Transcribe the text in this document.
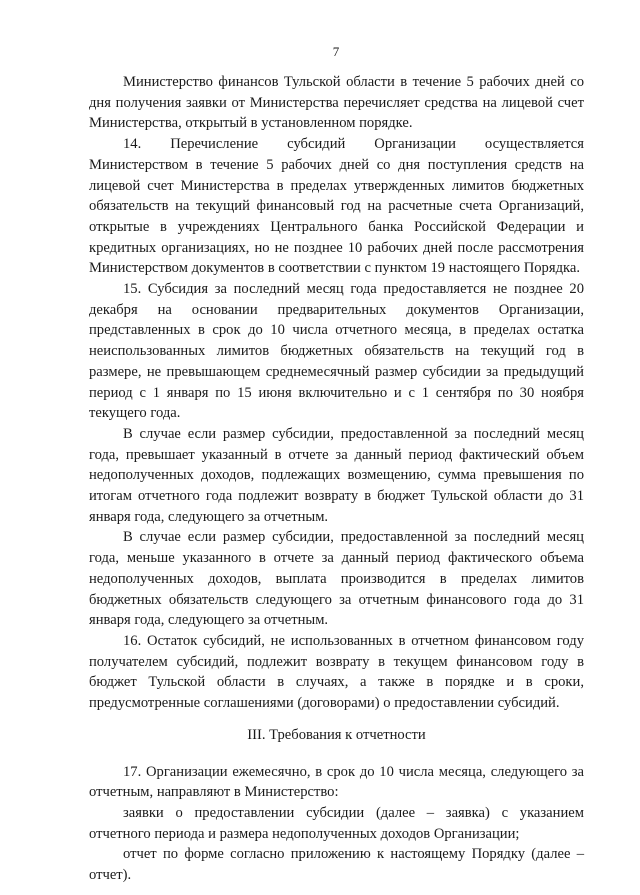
7

Министерство финансов Тульской области в течение 5 рабочих дней со дня получения заявки от Министерства перечисляет средства на лицевой счет Министерства, открытый в установленном порядке.

14. Перечисление субсидий Организации осуществляется Министерством в течение 5 рабочих дней со дня поступления средств на лицевой счет Министерства в пределах утвержденных лимитов бюджетных обязательств на текущий финансовый год на расчетные счета Организаций, открытые в учреждениях Центрального банка Российской Федерации и кредитных организациях, но не позднее 10 рабочих дней после рассмотрения Министерством документов в соответствии с пунктом 19 настоящего Порядка.

15. Субсидия за последний месяц года предоставляется не позднее 20 декабря на основании предварительных документов Организации, представленных в срок до 10 числа отчетного месяца, в пределах остатка неиспользованных лимитов бюджетных обязательств на текущий год в размере, не превышающем среднемесячный размер субсидии за предыдущий период с 1 января по 15 июня включительно и с 1 сентября по 30 ноября текущего года.

В случае если размер субсидии, предоставленной за последний месяц года, превышает указанный в отчете за данный период фактический объем недополученных доходов, подлежащих возмещению, сумма превышения по итогам отчетного года подлежит возврату в бюджет Тульской области до 31 января года, следующего за отчетным.

В случае если размер субсидии, предоставленной за последний месяц года, меньше указанного в отчете за данный период фактического объема недополученных доходов, выплата производится в пределах лимитов бюджетных обязательств следующего за отчетным финансового года до 31 января года, следующего за отчетным.

16. Остаток субсидий, не использованных в отчетном финансовом году получателем субсидий, подлежит возврату в текущем финансовом году в бюджет Тульской области в случаях, а также в порядке и в сроки, предусмотренные соглашениями (договорами) о предоставлении субсидий.

III. Требования к отчетности

17. Организации ежемесячно, в срок до 10 числа месяца, следующего за отчетным, направляют в Министерство:

заявки о предоставлении субсидии (далее – заявка) с указанием отчетного периода и размера недополученных доходов Организации;

отчет по форме согласно приложению к настоящему Порядку (далее – отчет).
